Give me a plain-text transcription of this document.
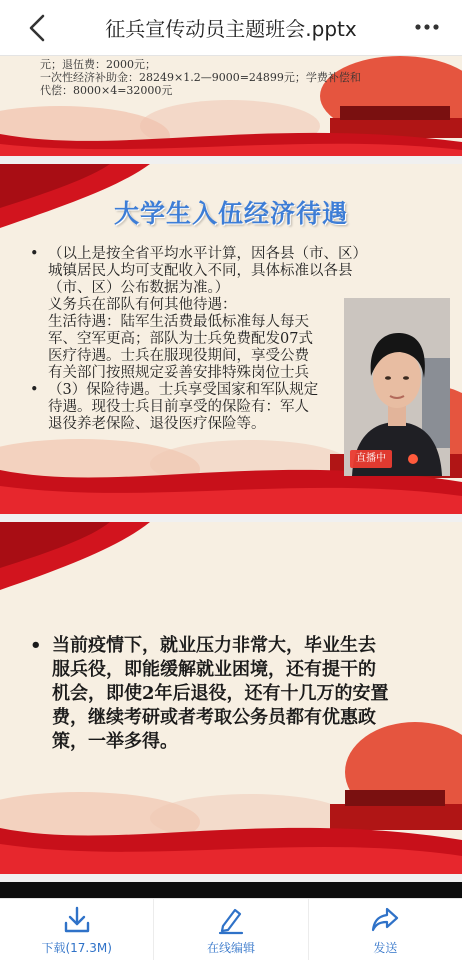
征兵宣传动员主题班会.pptx
元；退伍费：2000元；
一次性经济补助金：28249×1.2—9000=24899元；学费补偿和
代偿：8000×4=32000元
大学生入伍经济待遇
• （以上是按全省平均水平计算，因各县（市、区）
城镇居民人均可支配收入不同，具体标准以各县
（市、区）公布数据为准。）
义务兵在部队有何其他待遇：
生活待遇：陆军生活费最低标准每人每天
军、空军更高；部队为士兵免费配发07式
医疗待遇。士兵在服现役期间，享受公费
有关部门按照规定妥善安排特殊岗位士兵
• （3）保险待遇。士兵享受国家和军队规定
待遇。现役士兵目前享受的保险有：军人
退役养老保险、退役医疗保险等。
• 当前疫情下，就业压力非常大，毕业生去
服兵役，即能缓解就业困境，还有提干的
机会，即使2年后退役，还有十几万的安置
费，继续考研或者考取公务员都有优惠政
策，一举多得。
直播中
下载(17.3M)	在线编辑	发送
